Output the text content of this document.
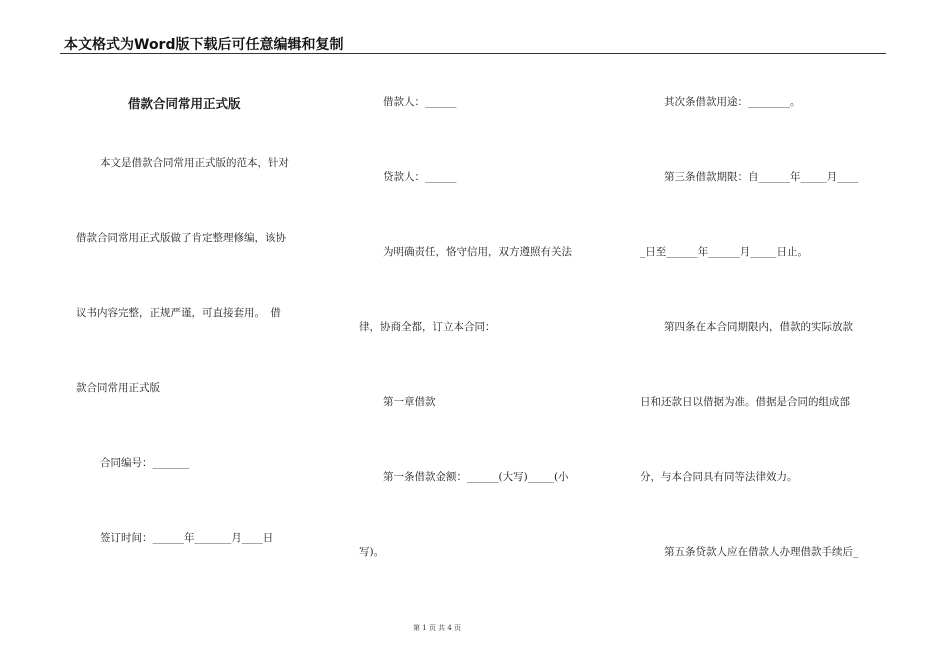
本文格式为Word版下载后可任意编辑和复制
借款合同常用正式版
本文是借款合同常用正式版的范本，针对
借款合同常用正式版做了肯定整理修编，该协
议书内容完整，正规严谨，可直接套用。　借
款合同常用正式版
合同编号：_______
签订时间：______年_______月____日
借款人：______
贷款人：______
为明确责任，恪守信用，双方遵照有关法
律，协商全都，订立本合同：
第一章借款
第一条借款金额：______(大写)_____(小
写)。
其次条借款用途：________。
第三条借款期限：自______年_____月____
_日至______年______月_____日止。
第四条在本合同期限内，借款的实际放款
日和还款日以借据为准。借据是合同的组成部
分，与本合同具有同等法律效力。
第五条贷款人应在借款人办理借款手续后_
第 1 页 共 4 页
